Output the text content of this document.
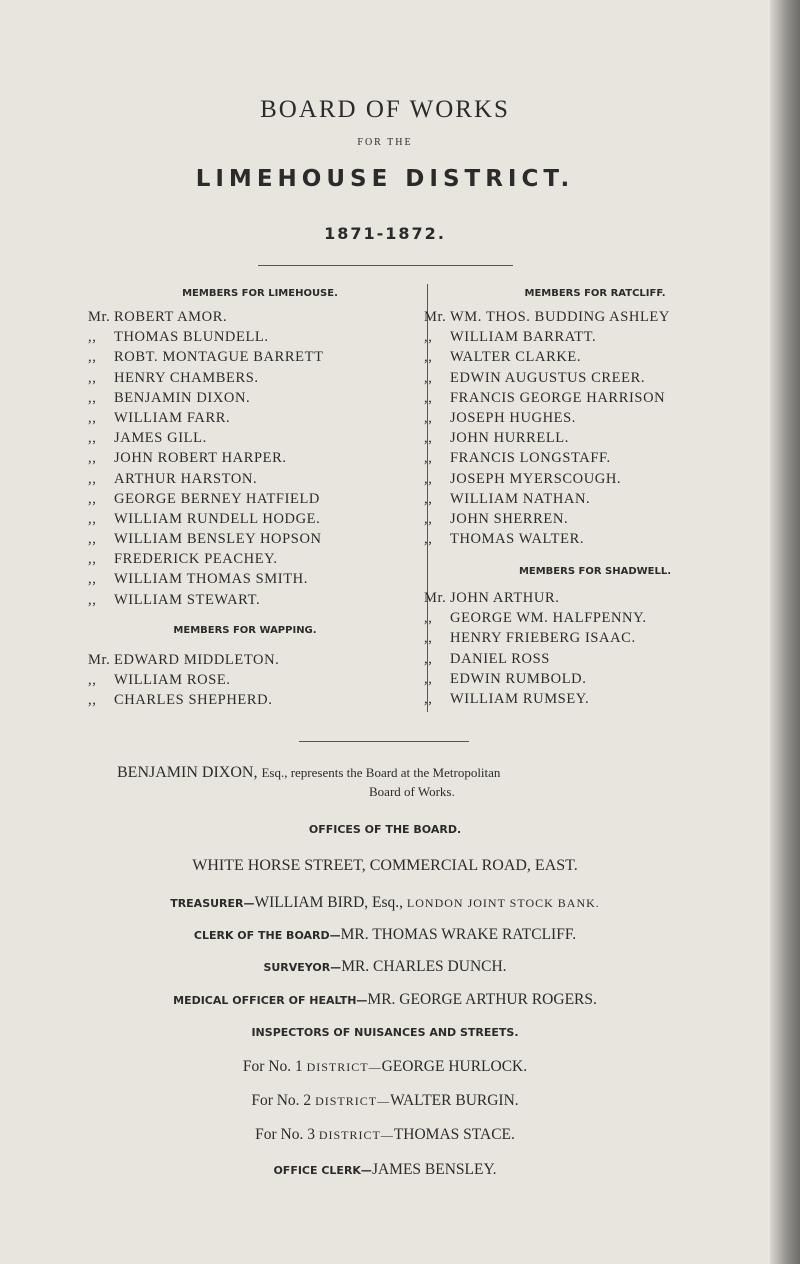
BOARD OF WORKS
FOR THE
LIMEHOUSE DISTRICT.
1871-1872.
MEMBERS FOR LIMEHOUSE.	MEMBERS FOR RATCLIFF.
Mr. ROBERT AMOR.
,, THOMAS BLUNDELL.
,, ROBT. MONTAGUE BARRETT
,, HENRY CHAMBERS.
,, BENJAMIN DIXON.
,, WILLIAM FARR.
,, JAMES GILL.
,, JOHN ROBERT HARPER.
,, ARTHUR HARSTON.
,, GEORGE BERNEY HATFIELD
,, WILLIAM RUNDELL HODGE.
,, WILLIAM BENSLEY HOPSON
,, FREDERICK PEACHEY.
,, WILLIAM THOMAS SMITH.
,, WILLIAM STEWART.
MEMBERS FOR WAPPING.
Mr. EDWARD MIDDLETON.
,, WILLIAM ROSE.
,, CHARLES SHEPHERD.
Mr. WM. THOS. BUDDING ASHLEY
,, WILLIAM BARRATT.
,, WALTER CLARKE.
,, EDWIN AUGUSTUS CREER.
,, FRANCIS GEORGE HARRISON
,, JOSEPH HUGHES.
,, JOHN HURRELL.
,, FRANCIS LONGSTAFF.
,, JOSEPH MYERSCOUGH.
,, WILLIAM NATHAN.
,, JOHN SHERREN.
,, THOMAS WALTER.
MEMBERS FOR SHADWELL.
Mr. JOHN ARTHUR.
,, GEORGE WM. HALFPENNY.
,, HENRY FRIEBERG ISAAC.
,, DANIEL ROSS
,, EDWIN RUMBOLD.
,, WILLIAM RUMSEY.
BENJAMIN DIXON, Esq., represents the Board at the Metropolitan
Board of Works.
OFFICES OF THE BOARD.
WHITE HORSE STREET, COMMERCIAL ROAD, EAST.
TREASURER—WILLIAM BIRD, Esq., LONDON JOINT STOCK BANK.
CLERK OF THE BOARD—MR. THOMAS WRAKE RATCLIFF.
SURVEYOR—MR. CHARLES DUNCH.
MEDICAL OFFICER OF HEALTH—MR. GEORGE ARTHUR ROGERS.
INSPECTORS OF NUISANCES AND STREETS.
For No. 1 DISTRICT—GEORGE HURLOCK.
For No. 2 DISTRICT—WALTER BURGIN.
For No. 3 DISTRICT—THOMAS STACE.
OFFICE CLERK—JAMES BENSLEY.
